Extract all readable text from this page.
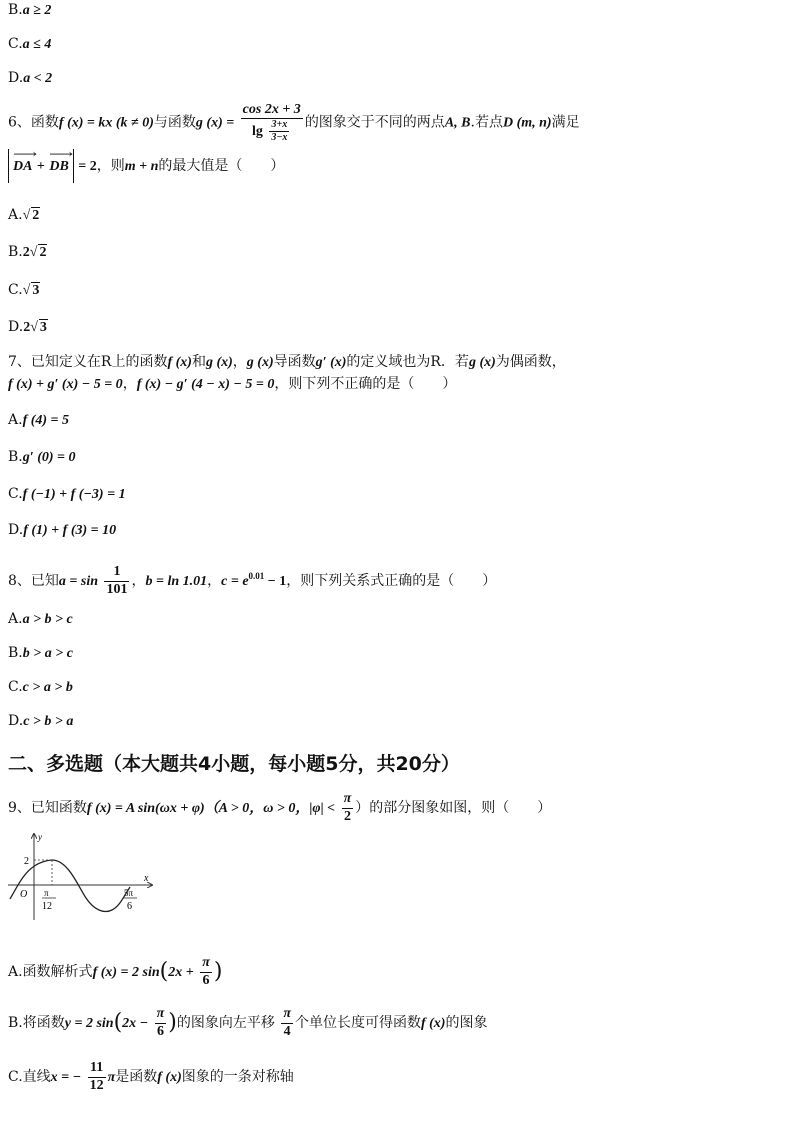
B.a ≥ 2
C.a ≤ 4
D.a < 2
6、函数f (x) = kx (k ≠ 0)与函数g $(x) = \frac{\cos 2x + 3}{\lg \frac{3+x}{3-x}}$ 的图象交于不同的两点A, B.若点D (m, n)满足
⟶ DA + ⟶ DB = 2，则m + n的最大值是（　　）
A.√ 2
B.2√ 2
C.√ 3
D.2√ 3
7、已知定义在R上的函数f (x)和g (x)，g (x)导函数g′ (x)的定义域也为R．若g (x)为偶函数，
f (x) + g′ (x) − 5 = 0，f (x) − g′ (4 − x) − 5 = 0，则下列不正确的是（　　）
A.f (4) = 5
B.g′ (0) = 0
C.f (−1) + f (−3) = 1
D.f (1) + f (3) = 10
8、已知$a = \sin \frac{1}{101}$ ，b = ln 1.01，$c = e^{0.01} - 1$，则下列关系式正确的是（　　）
A.a > b > c
B.b > a > c
C.c > a > b
D.c > b > a
二、多选题（本大题共4小题，每小题5分，共20分）
9、已知函数f (x) = A sin(ωx + φ)（A > 0，ω > 0，$|\varphi| < \frac{\pi}{2}$ ）的部分图象如图，则（　　）
y
x
O
2
π
12
5π
6
A.函数解析式f (x) = 2 $\sin(2x + \frac{\pi}{6}$ )
B.将函数y = 2 $\sin(2x - \frac{\pi}{6}$ )的图象向左平移 $\frac{\pi}{4}$ 个单位长度可得函数f (x)的图象
C.直线x = − $\frac{11}{12}$ π是函数f (x)图象的一条对称轴
